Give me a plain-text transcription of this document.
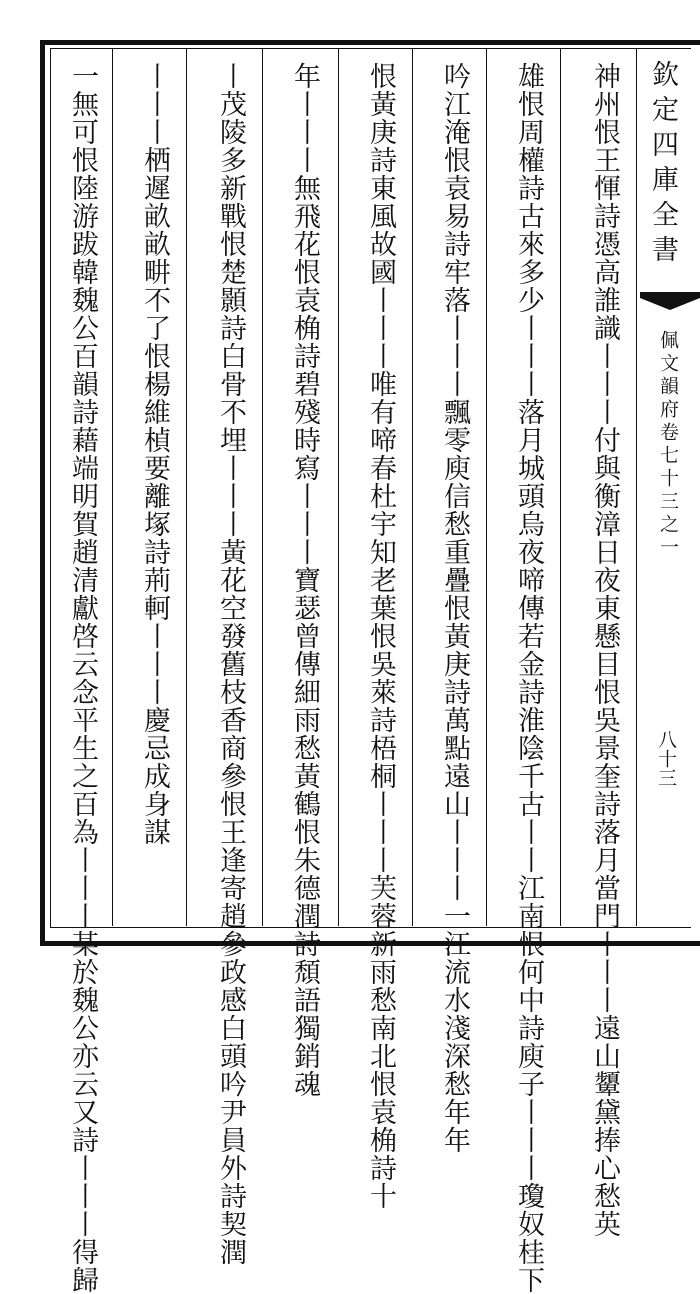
神州恨王惲詩憑高誰識丨丨丨付與衡漳日夜東懸目恨吳景奎詩落月當門丨丨丨遠山顰黛捧心愁英
雄恨周權詩古來多少丨丨丨落月城頭烏夜啼傳若金詩淮陰千古丨丨江南恨何中詩庾子丨丨丨瓊奴桂下
吟江淹恨袁易詩牢落丨丨丨飄零庾信愁重疊恨黃庚詩萬點遠山丨丨丨一江流水淺深愁年年
恨黃庚詩東風故國丨丨丨唯有啼春杜宇知老葉恨吳萊詩梧桐丨丨丨芙蓉新雨愁南北恨袁桷詩十
年丨丨丨無飛花恨袁桷詩碧殘時寫丨丨丨寶瑟曾傳細雨愁黃鶴恨朱德潤詩頹語獨銷魂
丨茂陵多新戰恨楚顥詩白骨不埋丨丨丨黃花空發舊枝香商參恨王逢寄趙參政感白頭吟尹員外詩契潤
丨丨丨栖遲畝畝畊不了恨楊維楨要離塚詩荊軻丨丨丨慶忌成身謀
一無可恨陸游跋韓魏公百韻詩藉端明賀趙清獻啓云念平生之百為丨丨丨某於魏公亦云又詩丨丨丨得歸	欽定四庫全書
佩文韻府卷七十三之一
八十三
